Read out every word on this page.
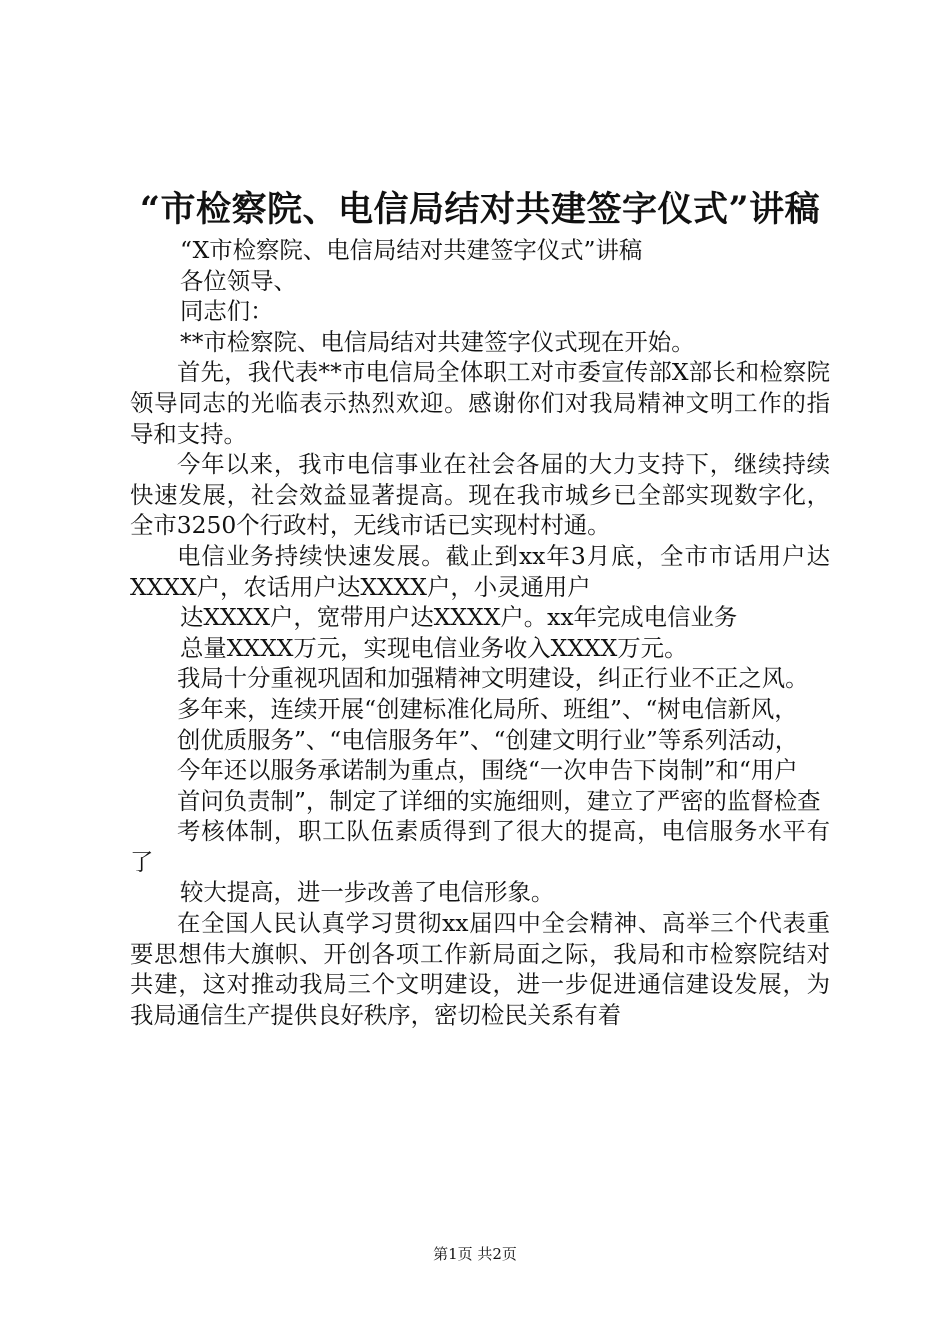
“市检察院、电信局结对共建签字仪式”讲稿

“X市检察院、电信局结对共建签字仪式”讲稿

各位领导、

同志们：

**市检察院、电信局结对共建签字仪式现在开始。

首先，我代表**市电信局全体职工对市委宣传部X部长和检察院领导同志的光临表示热烈欢迎。感谢你们对我局精神文明工作的指导和支持。

今年以来，我市电信事业在社会各届的大力支持下，继续持续快速发展，社会效益显著提高。现在我市城乡已全部实现数字化，全市3250个行政村，无线市话已实现村村通。

电信业务持续快速发展。截止到xx年3月底，全市市话用户达XXXX户，农话用户达XXXX户，小灵通用户

达XXXX户，宽带用户达XXXX户。xx年完成电信业务

总量XXXX万元，实现电信业务收入XXXX万元。

我局十分重视巩固和加强精神文明建设，纠正行业不正之风。

多年来，连续开展“创建标准化局所、班组”、“树电信新风，

创优质服务”、“电信服务年”、“创建文明行业”等系列活动，

今年还以服务承诺制为重点，围绕“一次申告下岗制”和“用户

首问负责制”，制定了详细的实施细则，建立了严密的监督检查

考核体制，职工队伍素质得到了很大的提高，电信服务水平有了

较大提高，进一步改善了电信形象。

在全国人民认真学习贯彻xx届四中全会精神、高举三个代表重要思想伟大旗帜、开创各项工作新局面之际，我局和市检察院结对共建，这对推动我局三个文明建设，进一步促进通信建设发展，为我局通信生产提供良好秩序，密切检民关系有着

第1页 共2页
